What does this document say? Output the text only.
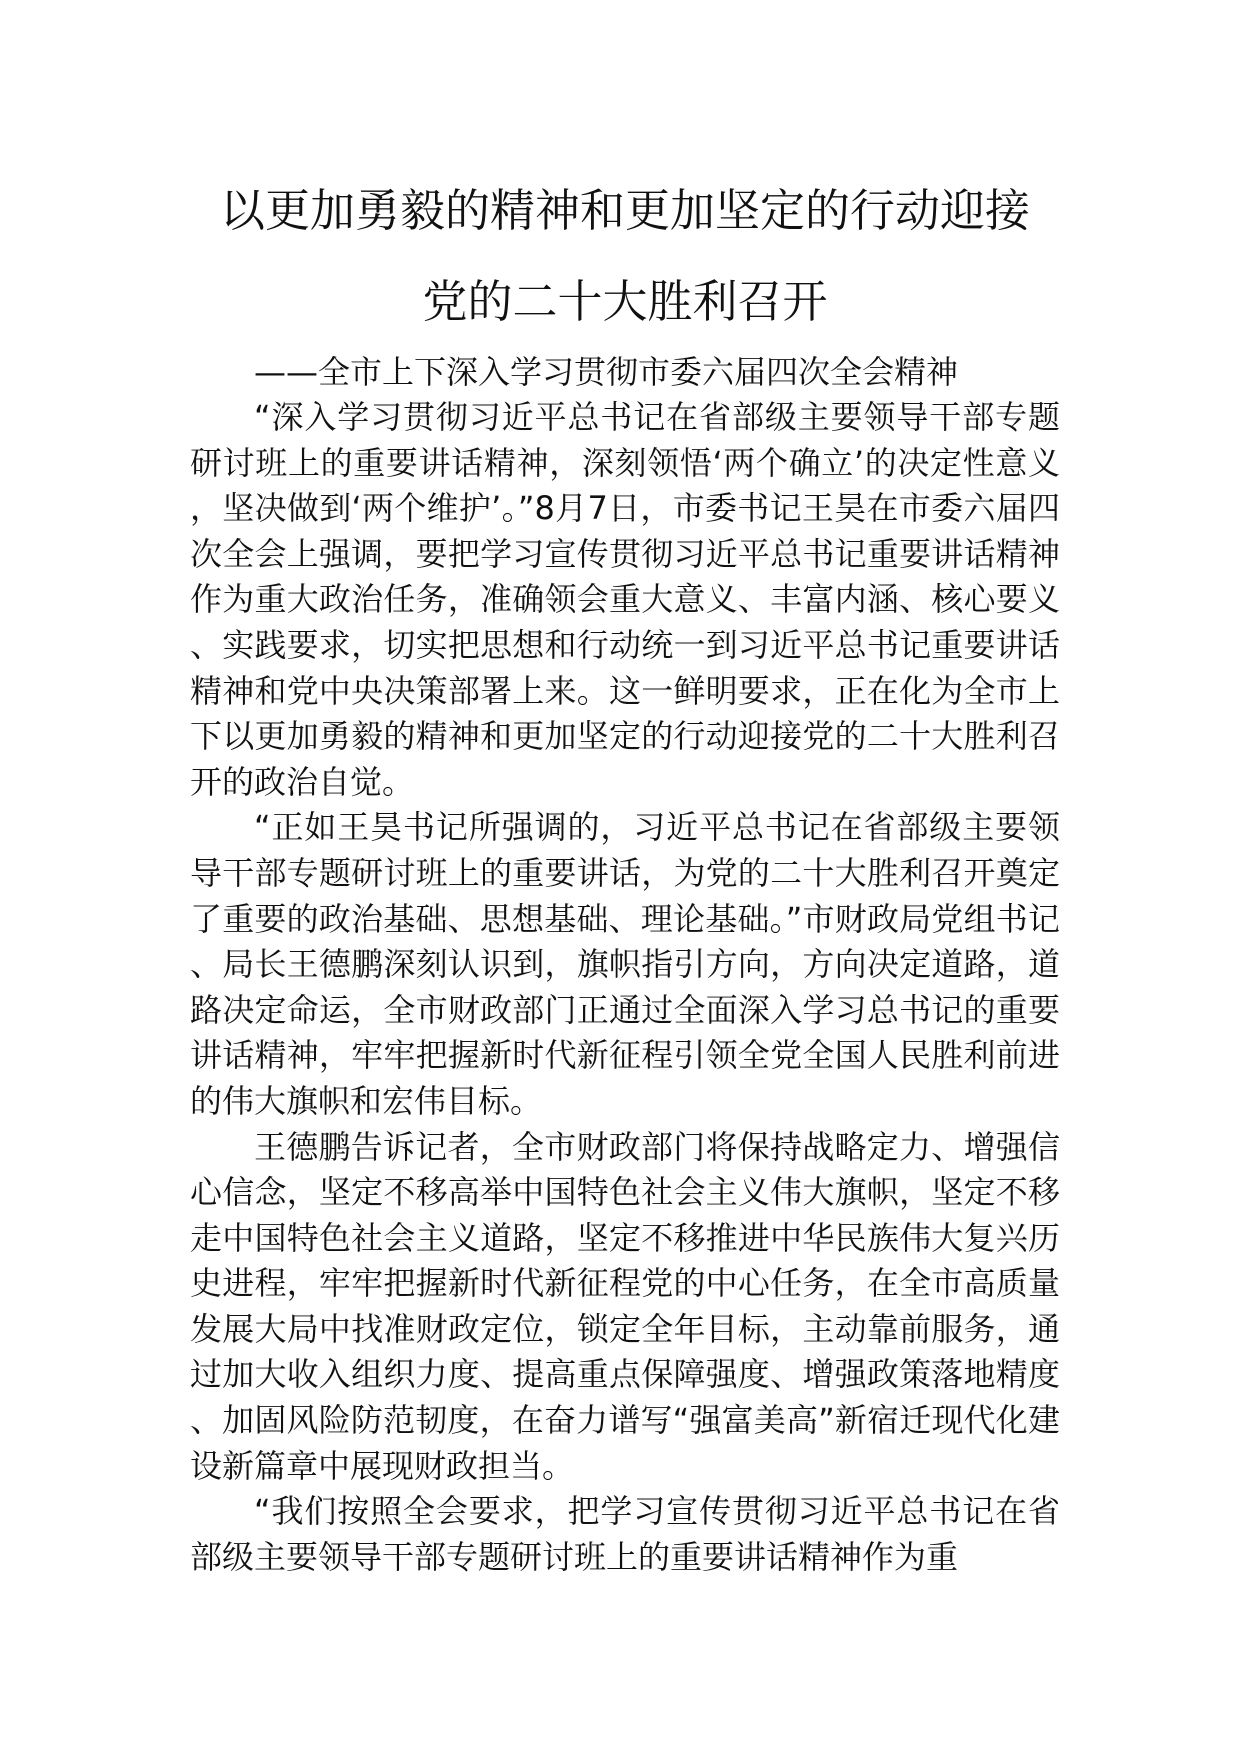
以更加勇毅的精神和更加坚定的行动迎接
党的二十大胜利召开

——全市上下深入学习贯彻市委六届四次全会精神

“深入学习贯彻习近平总书记在省部级主要领导干部专题研讨班上的重要讲话精神，深刻领悟‘两个确立’的决定性意义，坚决做到‘两个维护’。”8月7日，市委书记王昊在市委六届四次全会上强调，要把学习宣传贯彻习近平总书记重要讲话精神作为重大政治任务，准确领会重大意义、丰富内涵、核心要义、实践要求，切实把思想和行动统一到习近平总书记重要讲话精神和党中央决策部署上来。这一鲜明要求，正在化为全市上下以更加勇毅的精神和更加坚定的行动迎接党的二十大胜利召开的政治自觉。

“正如王昊书记所强调的，习近平总书记在省部级主要领导干部专题研讨班上的重要讲话，为党的二十大胜利召开奠定了重要的政治基础、思想基础、理论基础。”市财政局党组书记、局长王德鹏深刻认识到，旗帜指引方向，方向决定道路，道路决定命运，全市财政部门正通过全面深入学习总书记的重要讲话精神，牢牢把握新时代新征程引领全党全国人民胜利前进的伟大旗帜和宏伟目标。

王德鹏告诉记者，全市财政部门将保持战略定力、增强信心信念，坚定不移高举中国特色社会主义伟大旗帜，坚定不移走中国特色社会主义道路，坚定不移推进中华民族伟大复兴历史进程，牢牢把握新时代新征程党的中心任务，在全市高质量发展大局中找准财政定位，锁定全年目标，主动靠前服务，通过加大收入组织力度、提高重点保障强度、增强政策落地精度、加固风险防范韧度，在奋力谱写“强富美高”新宿迁现代化建设新篇章中展现财政担当。

“我们按照全会要求，把学习宣传贯彻习近平总书记在省部级主要领导干部专题研讨班上的重要讲话精神作为重
